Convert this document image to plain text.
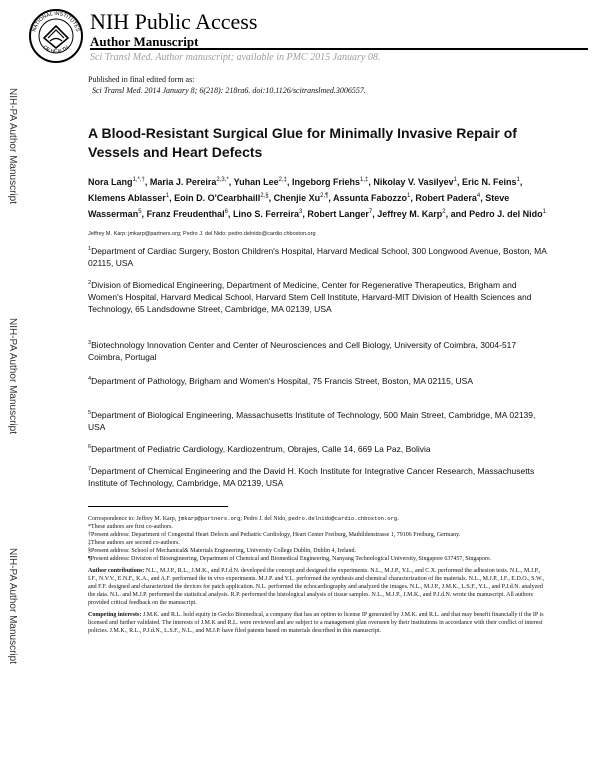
NATIONAL INSTITUTES
OF HEALTH
NIH Public Access
Author Manuscript
Sci Transl Med. Author manuscript; available in PMC 2015 January 08.
NIH-PA Author Manuscript
NIH-PA Author Manuscript
NIH-PA Author Manuscript
Published in final edited form as:
Sci Transl Med. 2014 January 8; 6(218): 218ra6. doi:10.1126/scitranslmed.3006557.
A Blood-Resistant Surgical Glue for Minimally Invasive Repair of Vessels and Heart Defects
Nora Lang$^{1,*,\dagger}$, Maria J. Pereira$^{2,3,*}$, Yuhan Lee$^{2,\ddagger}$, Ingeborg Friehs$^{1,\ddagger}$, Nikolay V. Vasilyev$^1$, Eric N. Feins$^1$, Klemens Ablasser$^1$, Eoin D. O'Cearbhaill$^{2,\S}$, Chenjie $Xu^{2,\P}$, Assunta Fabozzo$^1$, Robert Padera$^4$, Steve Wasserman$^5$, Franz Freudenthal$^6$, Lino S. Ferreira$^3$, Robert Langer$^7$, Jeffrey M. Karp$^2$, and Pedro J. del Nido$^1$
Jeffrey M. Karp: jmkarp@partners.org; Pedro J. del Nido: pedro.delnido@cardio.chboston.org
$^1$Department of Cardiac Surgery, Boston Children's Hospital, Harvard Medical School, 300 Longwood Avenue, Boston, MA 02115, USA
$^2$Division of Biomedical Engineering, Department of Medicine, Center for Regenerative Therapeutics, Brigham and Women's Hospital, Harvard Medical School, Harvard Stem Cell Institute, Harvard-MIT Division of Health Sciences and Technology, 65 Landsdowne Street, Cambridge, MA 02139, USA
$^3$Biotechnology Innovation Center and Center of Neurosciences and Cell Biology, University of Coimbra, 3004-517 Coimbra, Portugal
$^4$Department of Pathology, Brigham and Women's Hospital, 75 Francis Street, Boston, MA 02115, USA
$^5$Department of Biological Engineering, Massachusetts Institute of Technology, 500 Main Street, Cambridge, MA 02139, USA
$^6$Department of Pediatric Cardiology, Kardiozentrum, Obrajes, Calle 14, 669 La Paz, Bolivia
$^7$Department of Chemical Engineering and the David H. Koch Institute for Integrative Cancer Research, Massachusetts Institute of Technology, Cambridge, MA 02139, USA

Correspondence to: Jeffrey M. Karp, jmkarp@partners.org; Pedro J. del Nido, pedro.delnido@cardio.chboston.org.

*These authors are first co-authors.

†Present address: Department of Congenital Heart Defects and Pediatric Cardiology, Heart Center Freiburg, Mathildenstrasse 1, 79106 Freiburg, Germany.

‡These authors are second co-authors.

§Present address: School of Mechanical& Materials Engineering, University College Dublin, Dublin 4, Ireland.

¶Present address: Division of Bioengineering, Department of Chemical and Biomedical Engineering, Nanyang Technological University, Singapore 637457, Singapore.

Author contributions: N.L., M.J.P., R.L., J.M.K., and P.J.d.N. developed the concept and designed the experiments. N.L., M.J.P., Y.L., and C.X. performed the adhesion tests. N.L., M.J.P., I.F., N.V.V., E.N.F., K.A., and A.F. performed the in vivo experiments. M.J.P. and Y.L. performed the synthesis and chemical characterization of the materials. N.L., M.J.P., I.F., E.D.O., S.W., and F.F. designed and characterized the devices for patch application. N.L. performed the echocardiography and analyzed the images. N.L., M.J.P., J.M.K., L.S.F., Y.L., and P.J.d.N. analyzed the data. N.L. and M.J.P. performed the statistical analysis. R.P. performed the histological analysis of tissue samples. N.L., M.J.P., J.M.K., and P.J.d.N. wrote the manuscript. All authors provided critical feedback on the manuscript.

Competing interests: J.M.K. and R.L. hold equity in Gecko Biomedical, a company that has an option to license IP generated by J.M.K. and R.L. and that may benefit financially if the IP is licensed and further validated. The interests of J.M.K and R.L. were reviewed and are subject to a management plan overseen by their institutions in accordance with their conflict of interest policies. J.M.K., R.L., P.J.d.N., L.S.F., N.L., and M.J.P. have filed patents based on materials described in this manuscript.
